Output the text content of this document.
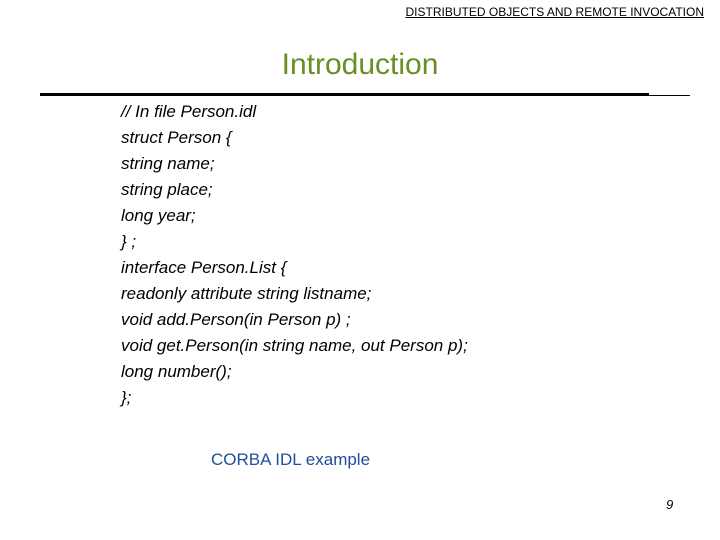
DISTRIBUTED OBJECTS AND REMOTE INVOCATION
Introduction
// In file Person.idl
struct Person {
string name;
string place;
long year;
} ;
interface Person.List {
readonly attribute string listname;
void add.Person(in Person p) ;
void get.Person(in string name, out Person p);
long number();
};
CORBA IDL example
9
